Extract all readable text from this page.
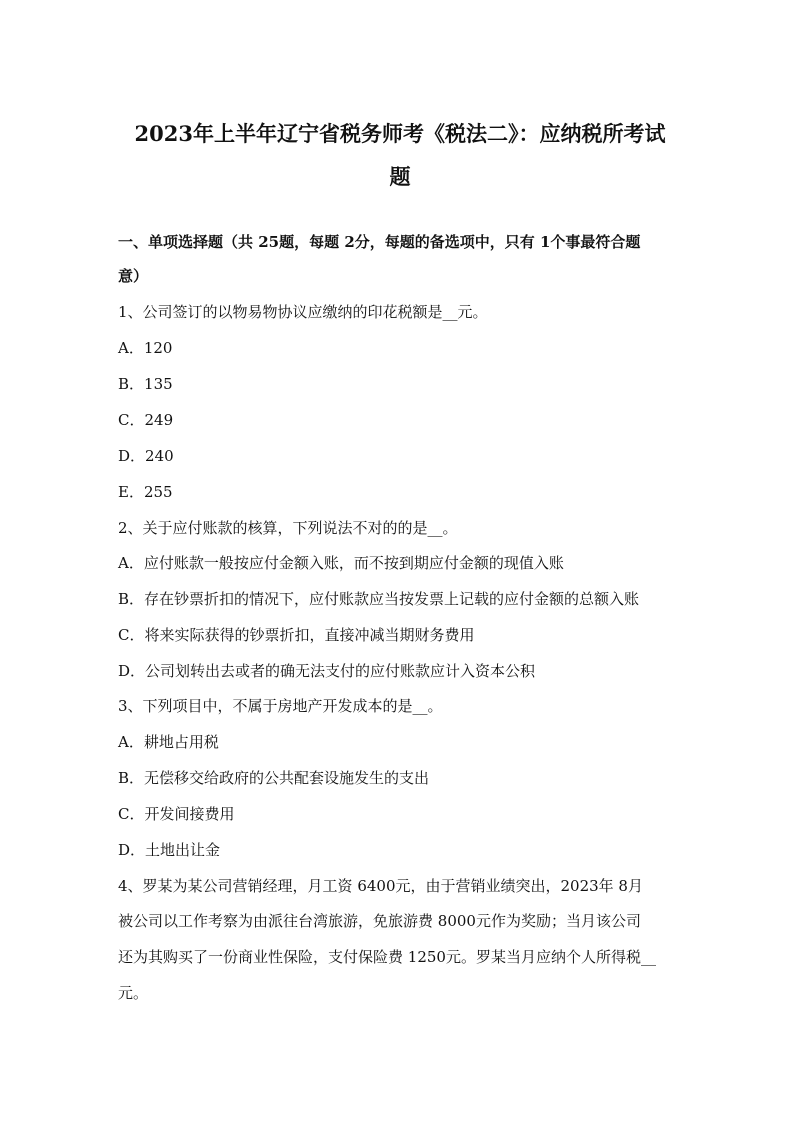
2023年上半年辽宁省税务师考《税法二》：应纳税所考试
题
一、单项选择题（共 25题，每题 2分，每题的备选项中，只有 1个事最符合题
意）
1、公司签订的以物易物协议应缴纳的印花税额是__元。
A．120
B．135
C．249
D．240
E．255
2、关于应付账款的核算，下列说法不对的的是__。
A．应付账款一般按应付金额入账，而不按到期应付金额的现值入账
B．存在钞票折扣的情况下，应付账款应当按发票上记载的应付金额的总额入账
C．将来实际获得的钞票折扣，直接冲减当期财务费用
D．公司划转出去或者的确无法支付的应付账款应计入资本公积
3、下列项目中，不属于房地产开发成本的是__。
A．耕地占用税
B．无偿移交给政府的公共配套设施发生的支出
C．开发间接费用
D．土地出让金
4、罗某为某公司营销经理，月工资 6400元，由于营销业绩突出，2023年 8月
被公司以工作考察为由派往台湾旅游，免旅游费 8000元作为奖励；当月该公司
还为其购买了一份商业性保险，支付保险费 1250元。罗某当月应纳个人所得税__
元。
